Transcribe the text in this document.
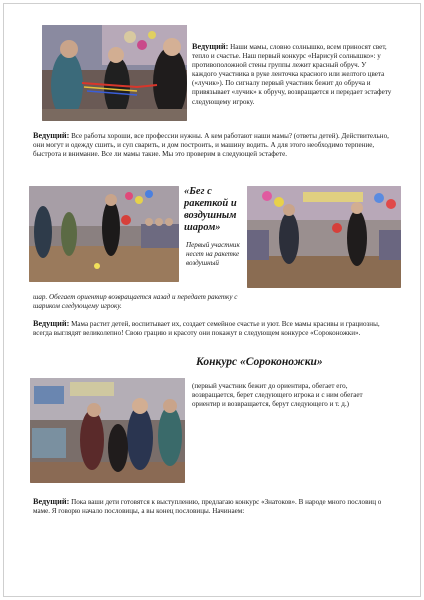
Ведущий: Наши мамы, словно солнышко, всем приносят свет, тепло и счастье. Наш первый конкурс «Нарисуй солнышко»: у противоположной стены группы лежит красный обруч. У каждого участника в руке ленточка красного или желтого цвета («лучик»). По сигналу первый участник бежит до обруча и привязывает «лучик» к обручу, возвращается и передает эстафету следующему игроку.

Ведущий: Все работы хороши, все профессии нужны. А кем работают наши мамы? (ответы детей). Действительно, они могут и одежду сшить, и суп сварить, и дом построить, и машину водить. А для этого необходимо терпение, быстрота и внимание. Все ли мамы такие. Мы это проверим в следующей эстафете.

«Бег с ракеткой и воздушным шаром»

Первый участник несет на ракетке воздушный

шар. Обегает ориентир возвращается назад и передает ракетку с шариком следующему игроку.

Ведущий: Мама растит детей, воспитывает их, создает семейное счастье и уют. Все мамы красивы и грациозны, всегда выглядят великолепно! Свою грацию и красоту они покажут в следующем конкурсе «Сороконожки».

Конкурс «Сороконожки»

(первый участник бежит до ориентира, обегает его, возвращается, берет следующего игрока и с ним обегает ориентир и возвращается, берут следующего и т. д.)

Ведущий: Пока ваши дети готовятся к выступлению, предлагаю конкурс «Знатоков». В народе много пословиц о маме. Я говорю начало пословицы, а вы конец пословицы. Начинаем:
